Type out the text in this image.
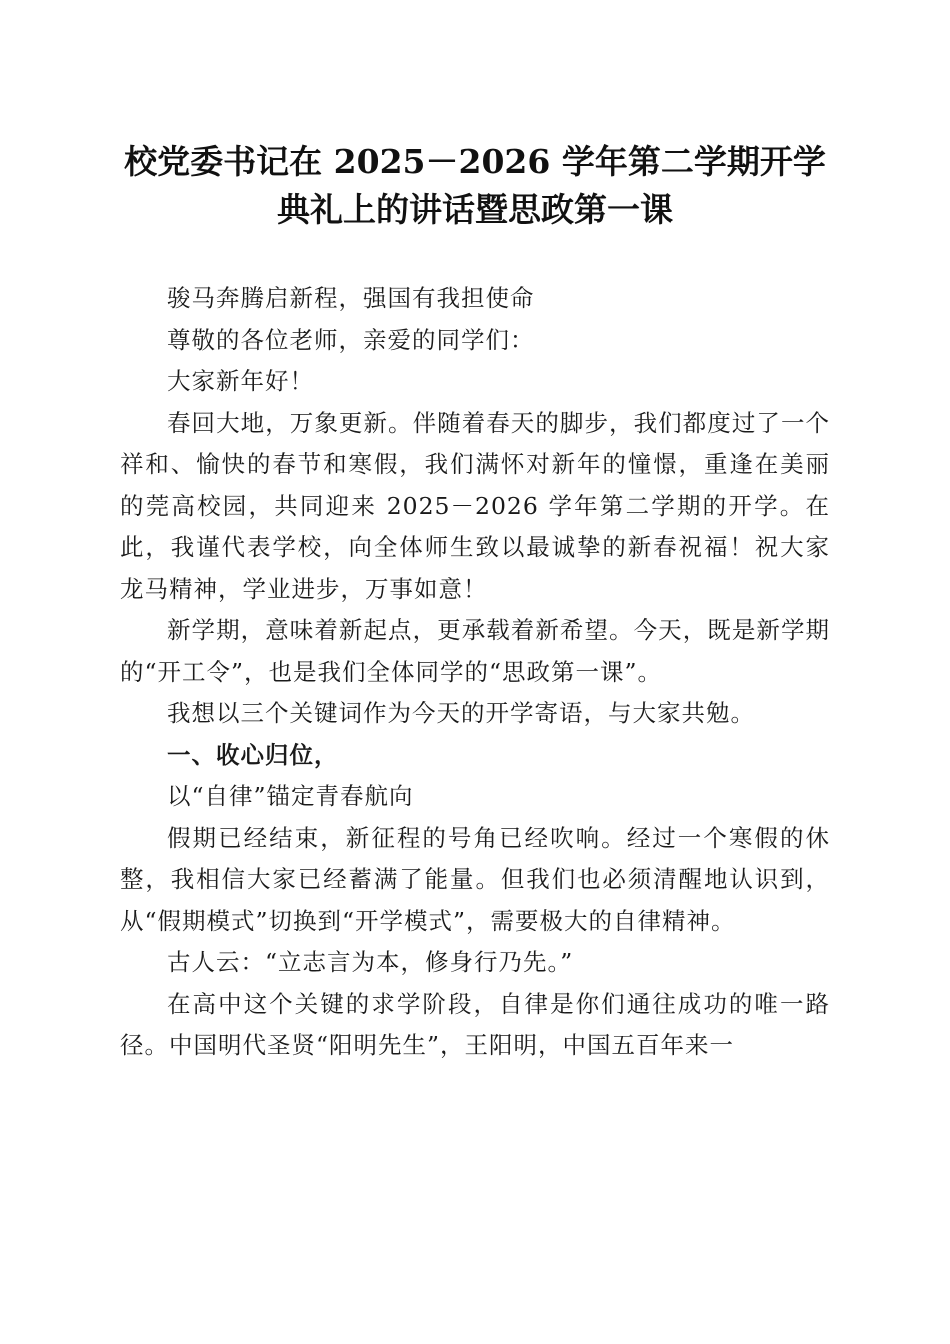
校党委书记在 2025－2026 学年第二学期开学
典礼上的讲话暨思政第一课

骏马奔腾启新程，强国有我担使命

尊敬的各位老师，亲爱的同学们：

大家新年好！

春回大地，万象更新。伴随着春天的脚步，我们都度过了一个祥和、愉快的春节和寒假，我们满怀对新年的憧憬，重逢在美丽的莞高校园，共同迎来 2025－2026 学年第二学期的开学。在此，我谨代表学校，向全体师生致以最诚挚的新春祝福！祝大家龙马精神，学业进步，万事如意！

新学期，意味着新起点，更承载着新希望。今天，既是新学期的“开工令”，也是我们全体同学的“思政第一课”。

我想以三个关键词作为今天的开学寄语，与大家共勉。

一、收心归位，

以“自律”锚定青春航向

假期已经结束，新征程的号角已经吹响。经过一个寒假的休整，我相信大家已经蓄满了能量。但我们也必须清醒地认识到，从“假期模式”切换到“开学模式”，需要极大的自律精神。

古人云：“立志言为本，修身行乃先。”

在高中这个关键的求学阶段，自律是你们通往成功的唯一路径。中国明代圣贤“阳明先生”，王阳明，中国五百年来一
